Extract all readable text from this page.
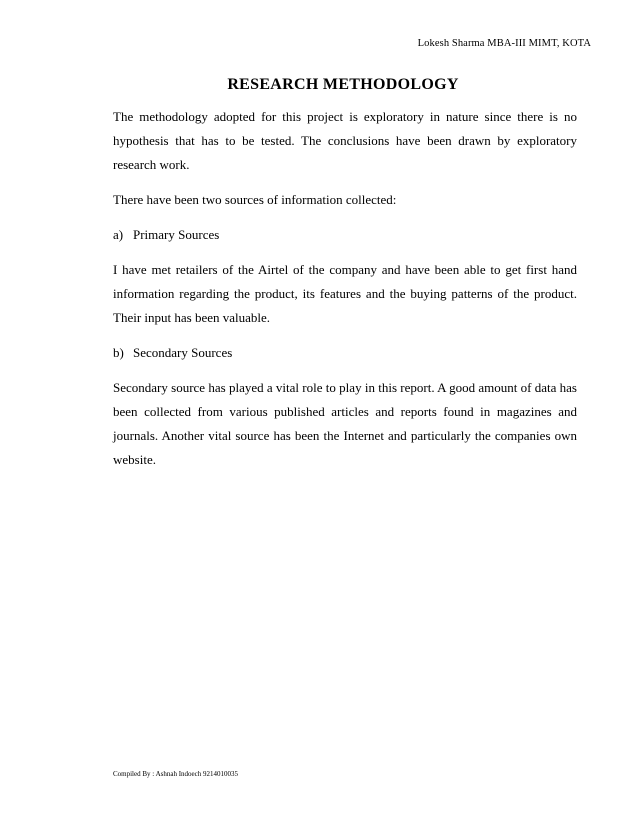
Lokesh Sharma MBA-III MIMT, KOTA
RESEARCH METHODOLOGY

The methodology adopted for this project is exploratory in nature since there is no hypothesis that has to be tested. The conclusions have been drawn by exploratory research work.

There have been two sources of information collected:

a) Primary Sources

I have met retailers of the Airtel of the company and have been able to get first hand information regarding the product, its features and the buying patterns of the product. Their input has been valuable.

b) Secondary Sources

Secondary source has played a vital role to play in this report. A good amount of data has been collected from various published articles and reports found in magazines and journals. Another vital source has been the Internet and particularly the companies own website.

Compiled By : Ashnah Indoech 9214010035
